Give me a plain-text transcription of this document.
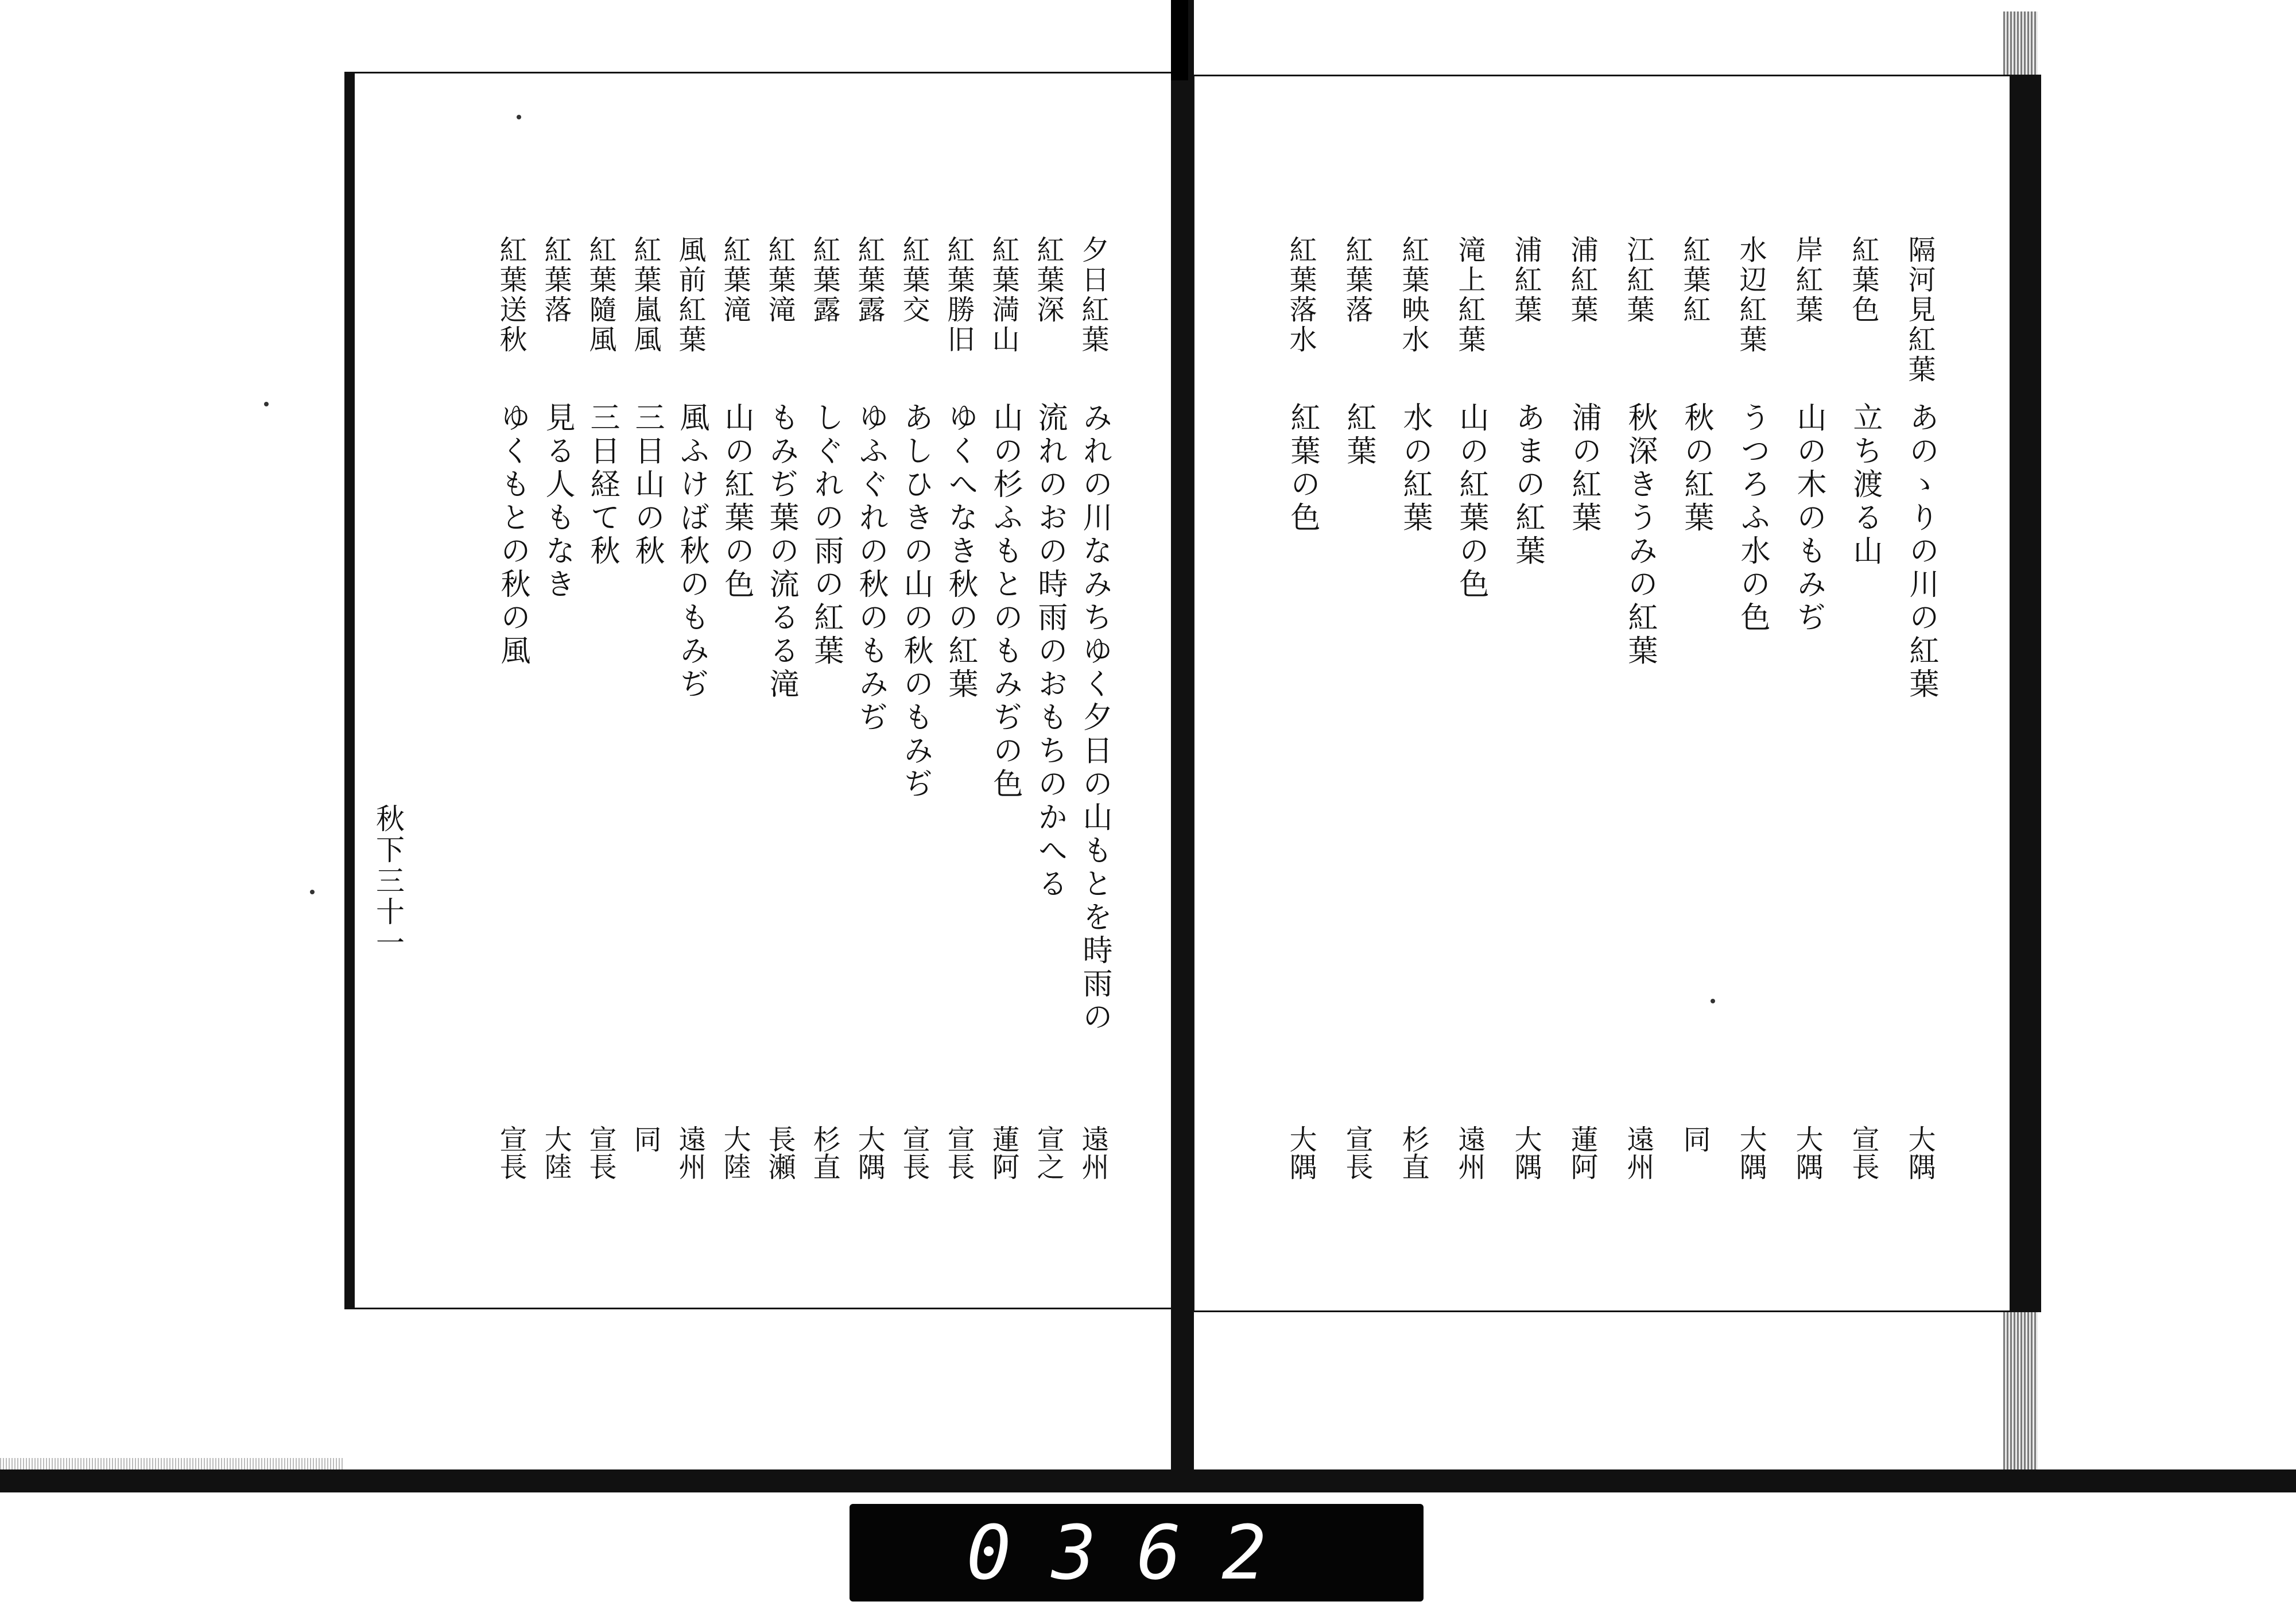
秋下三十一
夕日紅葉
みれの川なみちゆく夕日の山もとを時雨の
遠州
紅葉深
流れのおの時雨のおもちのかへる
宣之
紅葉満山
山の杉ふもとのもみぢの色
蓮阿
紅葉勝旧
ゆくへなき秋の紅葉
宣長
紅葉交
あしひきの山の秋のもみぢ
宣長
紅葉露
ゆふぐれの秋のもみぢ
大隅
紅葉露
しぐれの雨の紅葉
杉直
紅葉滝
もみぢ葉の流るる滝
長瀬
紅葉滝
山の紅葉の色
大陸
風前紅葉
風ふけば秋のもみぢ
遠州
紅葉嵐風
三日山の秋
同
紅葉隨風
三日経て秋
宣長
紅葉落
見る人もなき
大陸
紅葉送秋
ゆくもとの秋の風
宣長
隔河見紅葉
あのゝりの川の紅葉
大隅
紅葉色
立ち渡る山
宣長
岸紅葉
山の木のもみぢ
大隅
水辺紅葉
うつろふ水の色
大隅
紅葉紅
秋の紅葉
同
江紅葉
秋深きうみの紅葉
遠州
浦紅葉
浦の紅葉
蓮阿
浦紅葉
あまの紅葉
大隅
滝上紅葉
山の紅葉の色
遠州
紅葉映水
水の紅葉
杉直
紅葉落
紅葉
宣長
紅葉落水
紅葉の色
大隅
0362
